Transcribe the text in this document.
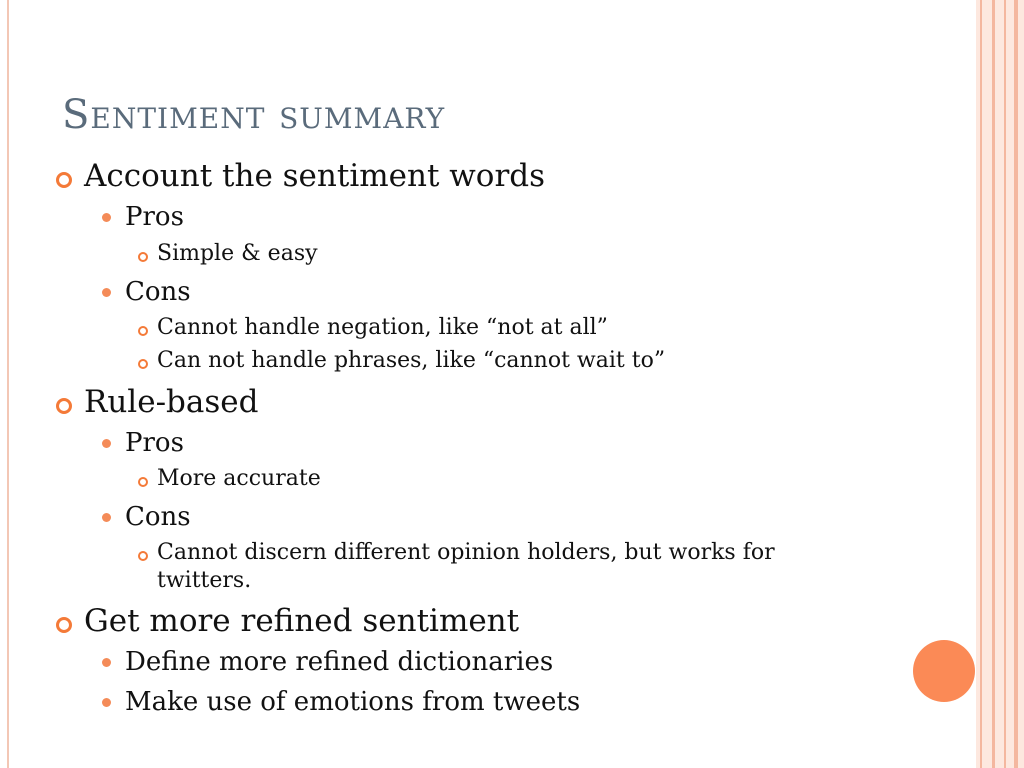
Sentiment summary
Account the sentiment words
Pros
Simple & easy
Cons
Cannot handle negation, like “not at all”
Can not handle phrases, like “cannot wait to”
Rule-based
Pros
More accurate
Cons
Cannot discern different opinion holders, but works for
twitters.
Get more refined sentiment
Define more refined dictionaries
Make use of emotions from tweets
